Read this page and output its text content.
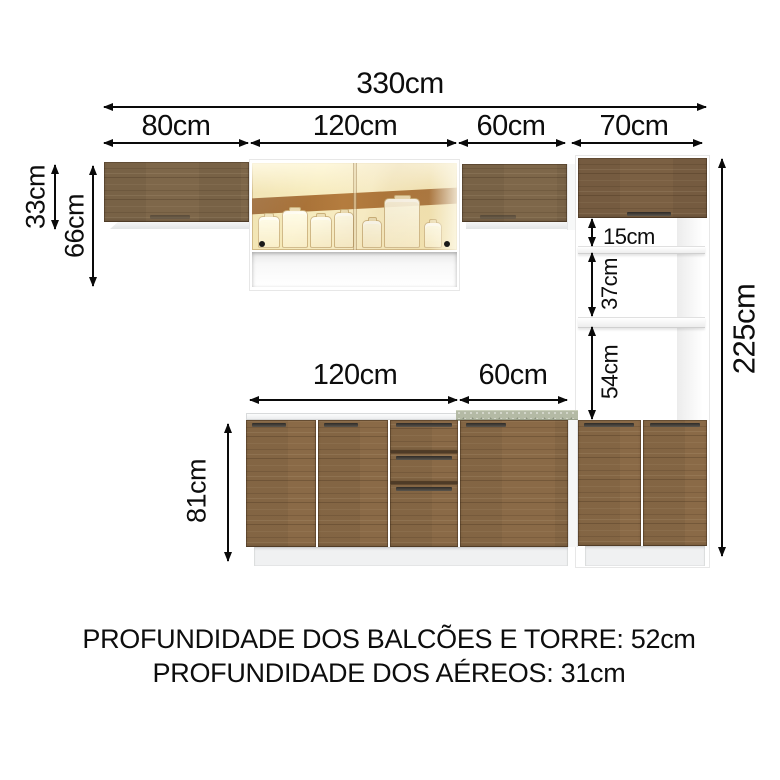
330cm
80cm	120cm	60cm 70cm
33cm 66cm	15cm
37cm
54cm	225cm
120cm	60cm
81cm
PROFUNDIDADE DOS BALCÕES E TORRE: 52cm
PROFUNDIDADE DOS AÉREOS: 31cm
